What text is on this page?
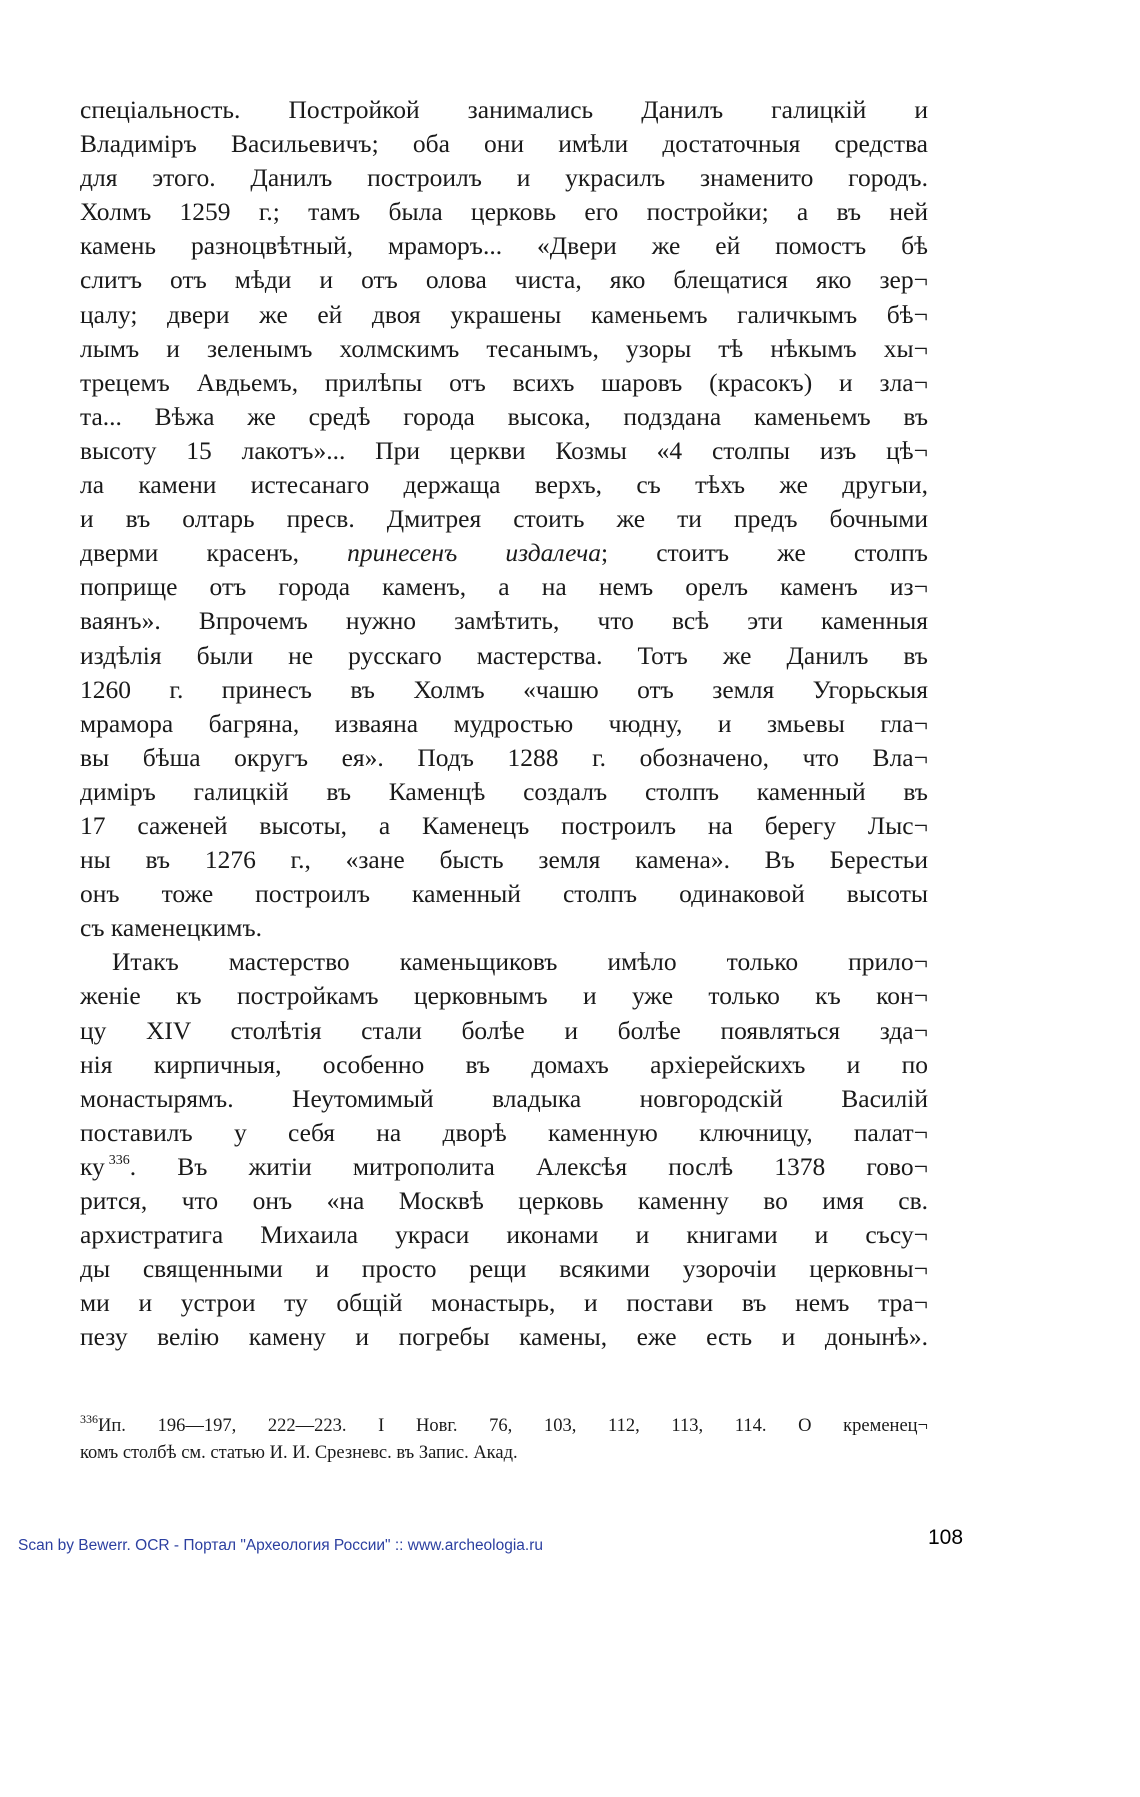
спеціальность. Постройкой занимались Данилъ галицкій и
Владиміръ Васильевичъ; оба они имѣли достаточныя средства
для этого. Данилъ построилъ и украсилъ знаменито городъ.
Холмъ 1259 г.; тамъ была церковь его постройки; а въ ней
камень разноцвѣтный, мраморъ... «Двери же ей помостъ бѣ
слитъ отъ мѣди и отъ олова чиста, яко блещатися яко зер¬
цалу; двери же ей двоя украшены каменьемъ галичкымъ бѣ¬
лымъ и зеленымъ холмскимъ тесанымъ, узоры тѣ нѣкымъ хы¬
трецемъ Авдьемъ, прилѣпы отъ всихъ шаровъ (красокъ) и зла¬
та... Вѣжа же средѣ города высока, подздана каменьемъ въ
высоту 15 лакотъ»... При церкви Козмы «4 столпы изъ цѣ¬
ла камени истесанаго держаща верхъ, съ тѣхъ же другыи,
и въ олтарь пресв. Дмитрея стоить же ти предъ бочными
дверми красенъ, принесенъ издалеча; стоитъ же столпъ
поприще отъ города каменъ, а на немъ орелъ каменъ из¬
ваянъ». Впрочемъ нужно замѣтить, что всѣ эти каменныя
издѣлія были не русскаго мастерства. Тотъ же Данилъ въ
1260 г. принесъ въ Холмъ «чашю отъ земля Угорьскыя
мрамора багряна, изваяна мудростью чюдну, и змьевы гла¬
вы бѣша округъ ея». Подъ 1288 г. обозначено, что Вла¬
диміръ галицкій въ Каменцѣ создалъ столпъ каменный въ
17 саженей высоты, а Каменецъ построилъ на берегу Лыс¬
ны въ 1276 г., «зане бысть земля камена». Въ Берестьи
онъ тоже построилъ каменный столпъ одинаковой высоты
съ каменецкимъ.
Итакъ мастерство каменьщиковъ имѣло только прило¬
женіе къ постройкамъ церковнымъ и уже только къ кон¬
цу XIV столѣтія стали болѣе и болѣе появляться зда¬
нія кирпичныя, особенно въ домахъ архіерейскихъ и по
монастырямъ. Неутомимый владыка новгородскій Василій
поставилъ у себя на дворѣ каменную ключницу, палат¬
ку $^{336}$. Въ житіи митрополита Алексѣя послѣ 1378 гово¬
рится, что онъ «на Москвѣ церковь каменну во имя св.
архистратига Михаила украси иконами и книгами и съсу¬
ды священными и просто рещи всякими узорочіи церковны¬
ми и устрои ту общій монастырь, и постави въ немъ тра¬
пезу велію камену и погребы камены, еже есть и донынѣ».
$^{336}$Ип. 196—197, 222—223. I Новг. 76, 103, 112, 113, 114. О кременец¬
комъ столбѣ см. статью И. И. Срезневс. въ Запис. Акад.
Scan by Bewerr. OCR - Портал "Археология России" :: www.archeologia.ru	108
